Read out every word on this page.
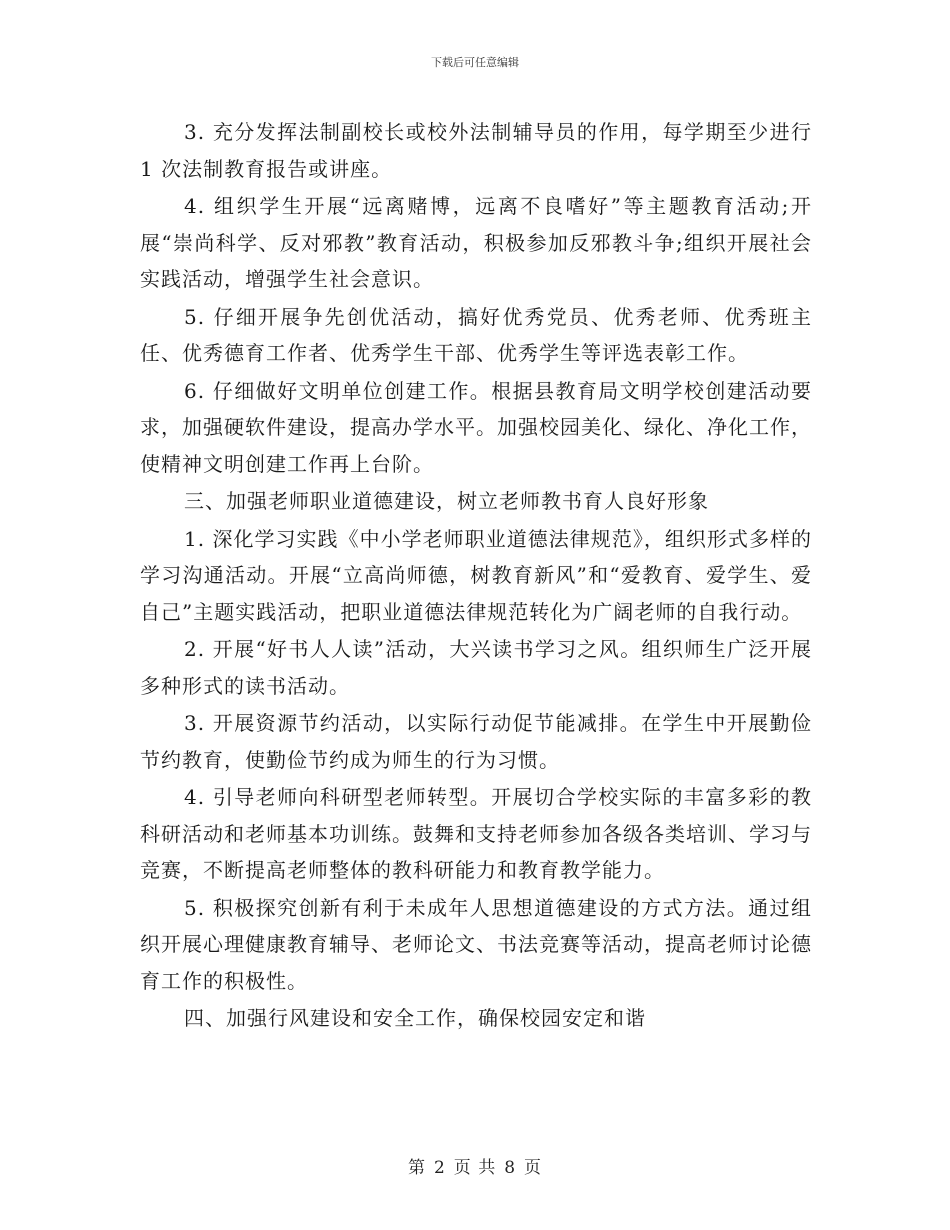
下载后可任意编辑

3. 充分发挥法制副校长或校外法制辅导员的作用，每学期至少进行 1 次法制教育报告或讲座。

4. 组织学生开展“远离赌博，远离不良嗜好”等主题教育活动;开展“崇尚科学、反对邪教”教育活动，积极参加反邪教斗争;组织开展社会实践活动，增强学生社会意识。

5. 仔细开展争先创优活动，搞好优秀党员、优秀老师、优秀班主任、优秀德育工作者、优秀学生干部、优秀学生等评选表彰工作。

6. 仔细做好文明单位创建工作。根据县教育局文明学校创建活动要求，加强硬软件建设，提高办学水平。加强校园美化、绿化、净化工作，使精神文明创建工作再上台阶。

三、加强老师职业道德建设，树立老师教书育人良好形象

1. 深化学习实践《中小学老师职业道德法律规范》，组织形式多样的学习沟通活动。开展“立高尚师德，树教育新风”和“爱教育、爱学生、爱自己”主题实践活动，把职业道德法律规范转化为广阔老师的自我行动。

2. 开展“好书人人读”活动，大兴读书学习之风。组织师生广泛开展多种形式的读书活动。

3. 开展资源节约活动，以实际行动促节能减排。在学生中开展勤俭节约教育，使勤俭节约成为师生的行为习惯。

4. 引导老师向科研型老师转型。开展切合学校实际的丰富多彩的教科研活动和老师基本功训练。鼓舞和支持老师参加各级各类培训、学习与竞赛，不断提高老师整体的教科研能力和教育教学能力。

5. 积极探究创新有利于未成年人思想道德建设的方式方法。通过组织开展心理健康教育辅导、老师论文、书法竞赛等活动，提高老师讨论德育工作的积极性。

四、加强行风建设和安全工作，确保校园安定和谐

第 2 页 共 8 页
